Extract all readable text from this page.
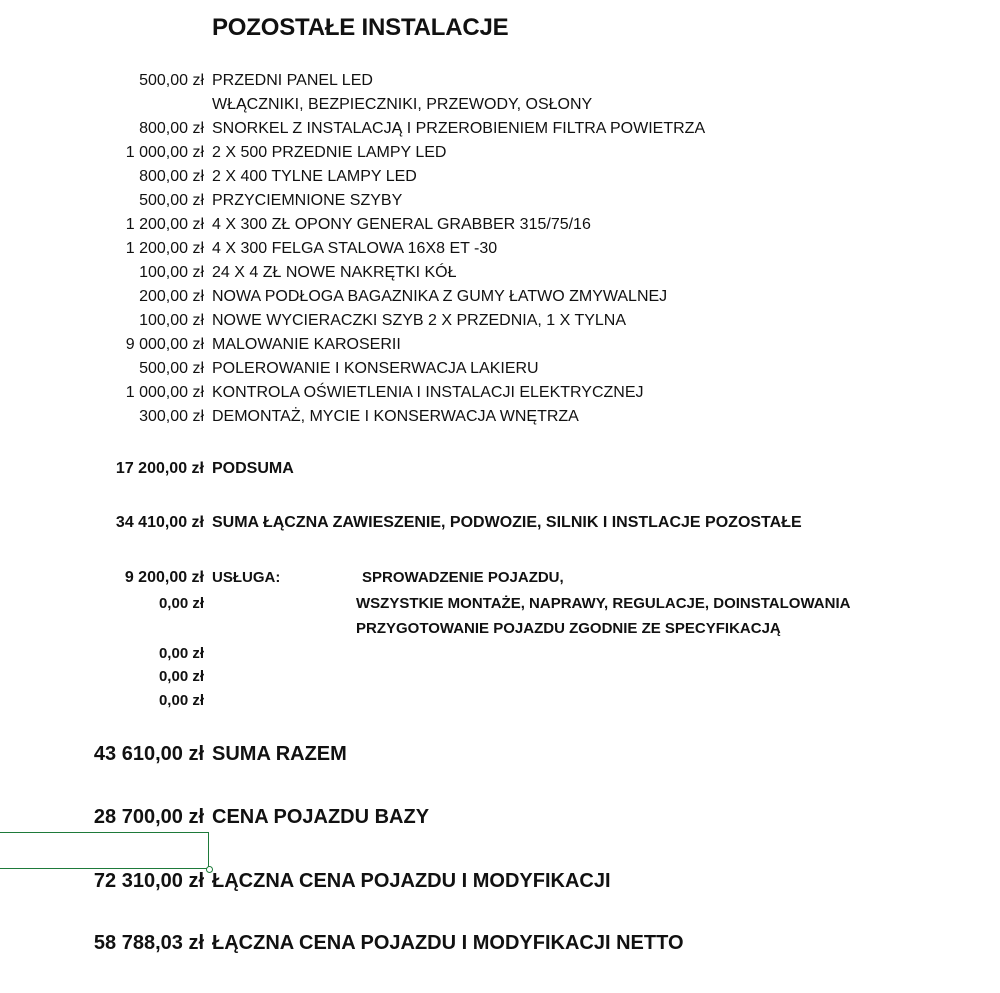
POZOSTAŁE INSTALACJE
500,00 zł PRZEDNI PANEL LED
WŁĄCZNIKI, BEZPIECZNIKI, PRZEWODY, OSŁONY
800,00 zł SNORKEL Z INSTALACJĄ I PRZEROBIENIEM FILTRA POWIETRZA
1 000,00 zł 2 X 500 PRZEDNIE LAMPY LED
800,00 zł 2 X 400 TYLNE LAMPY LED
500,00 zł PRZYCIEMNIONE SZYBY
1 200,00 zł 4 X 300 ZŁ OPONY GENERAL GRABBER 315/75/16
1 200,00 zł 4 X 300 FELGA STALOWA 16X8 ET -30
100,00 zł 24 X 4 ZŁ NOWE NAKRĘTKI KÓŁ
200,00 zł NOWA PODŁOGA BAGAZNIKA Z GUMY ŁATWO ZMYWALNEJ
100,00 zł NOWE WYCIERACZKI SZYB 2 X PRZEDNIA, 1 X TYLNA
9 000,00 zł MALOWANIE KAROSERII
500,00 zł POLEROWANIE I KONSERWACJA LAKIERU
1 000,00 zł KONTROLA OŚWIETLENIA I INSTALACJI ELEKTRYCZNEJ
300,00 zł DEMONTAŻ, MYCIE I KONSERWACJA WNĘTRZA
17 200,00 zł PODSUMA
34 410,00 zł SUMA ŁĄCZNA ZAWIESZENIE, PODWOZIE, SILNIK I INSTLACJE POZOSTAŁE
9 200,00 zł USŁUGA:	SPROWADZENIE POJAZDU,
0,00 zł	WSZYSTKIE MONTAŻE, NAPRAWY, REGULACJE, DOINSTALOWANIA
PRZYGOTOWANIE POJAZDU ZGODNIE ZE SPECYFIKACJĄ
0,00 zł
0,00 zł
0,00 zł
43 610,00 zł SUMA RAZEM
28 700,00 zł CENA POJAZDU BAZY
72 310,00 zł ŁĄCZNA CENA POJAZDU I MODYFIKACJI
58 788,03 zł ŁĄCZNA CENA POJAZDU I MODYFIKACJI NETTO
